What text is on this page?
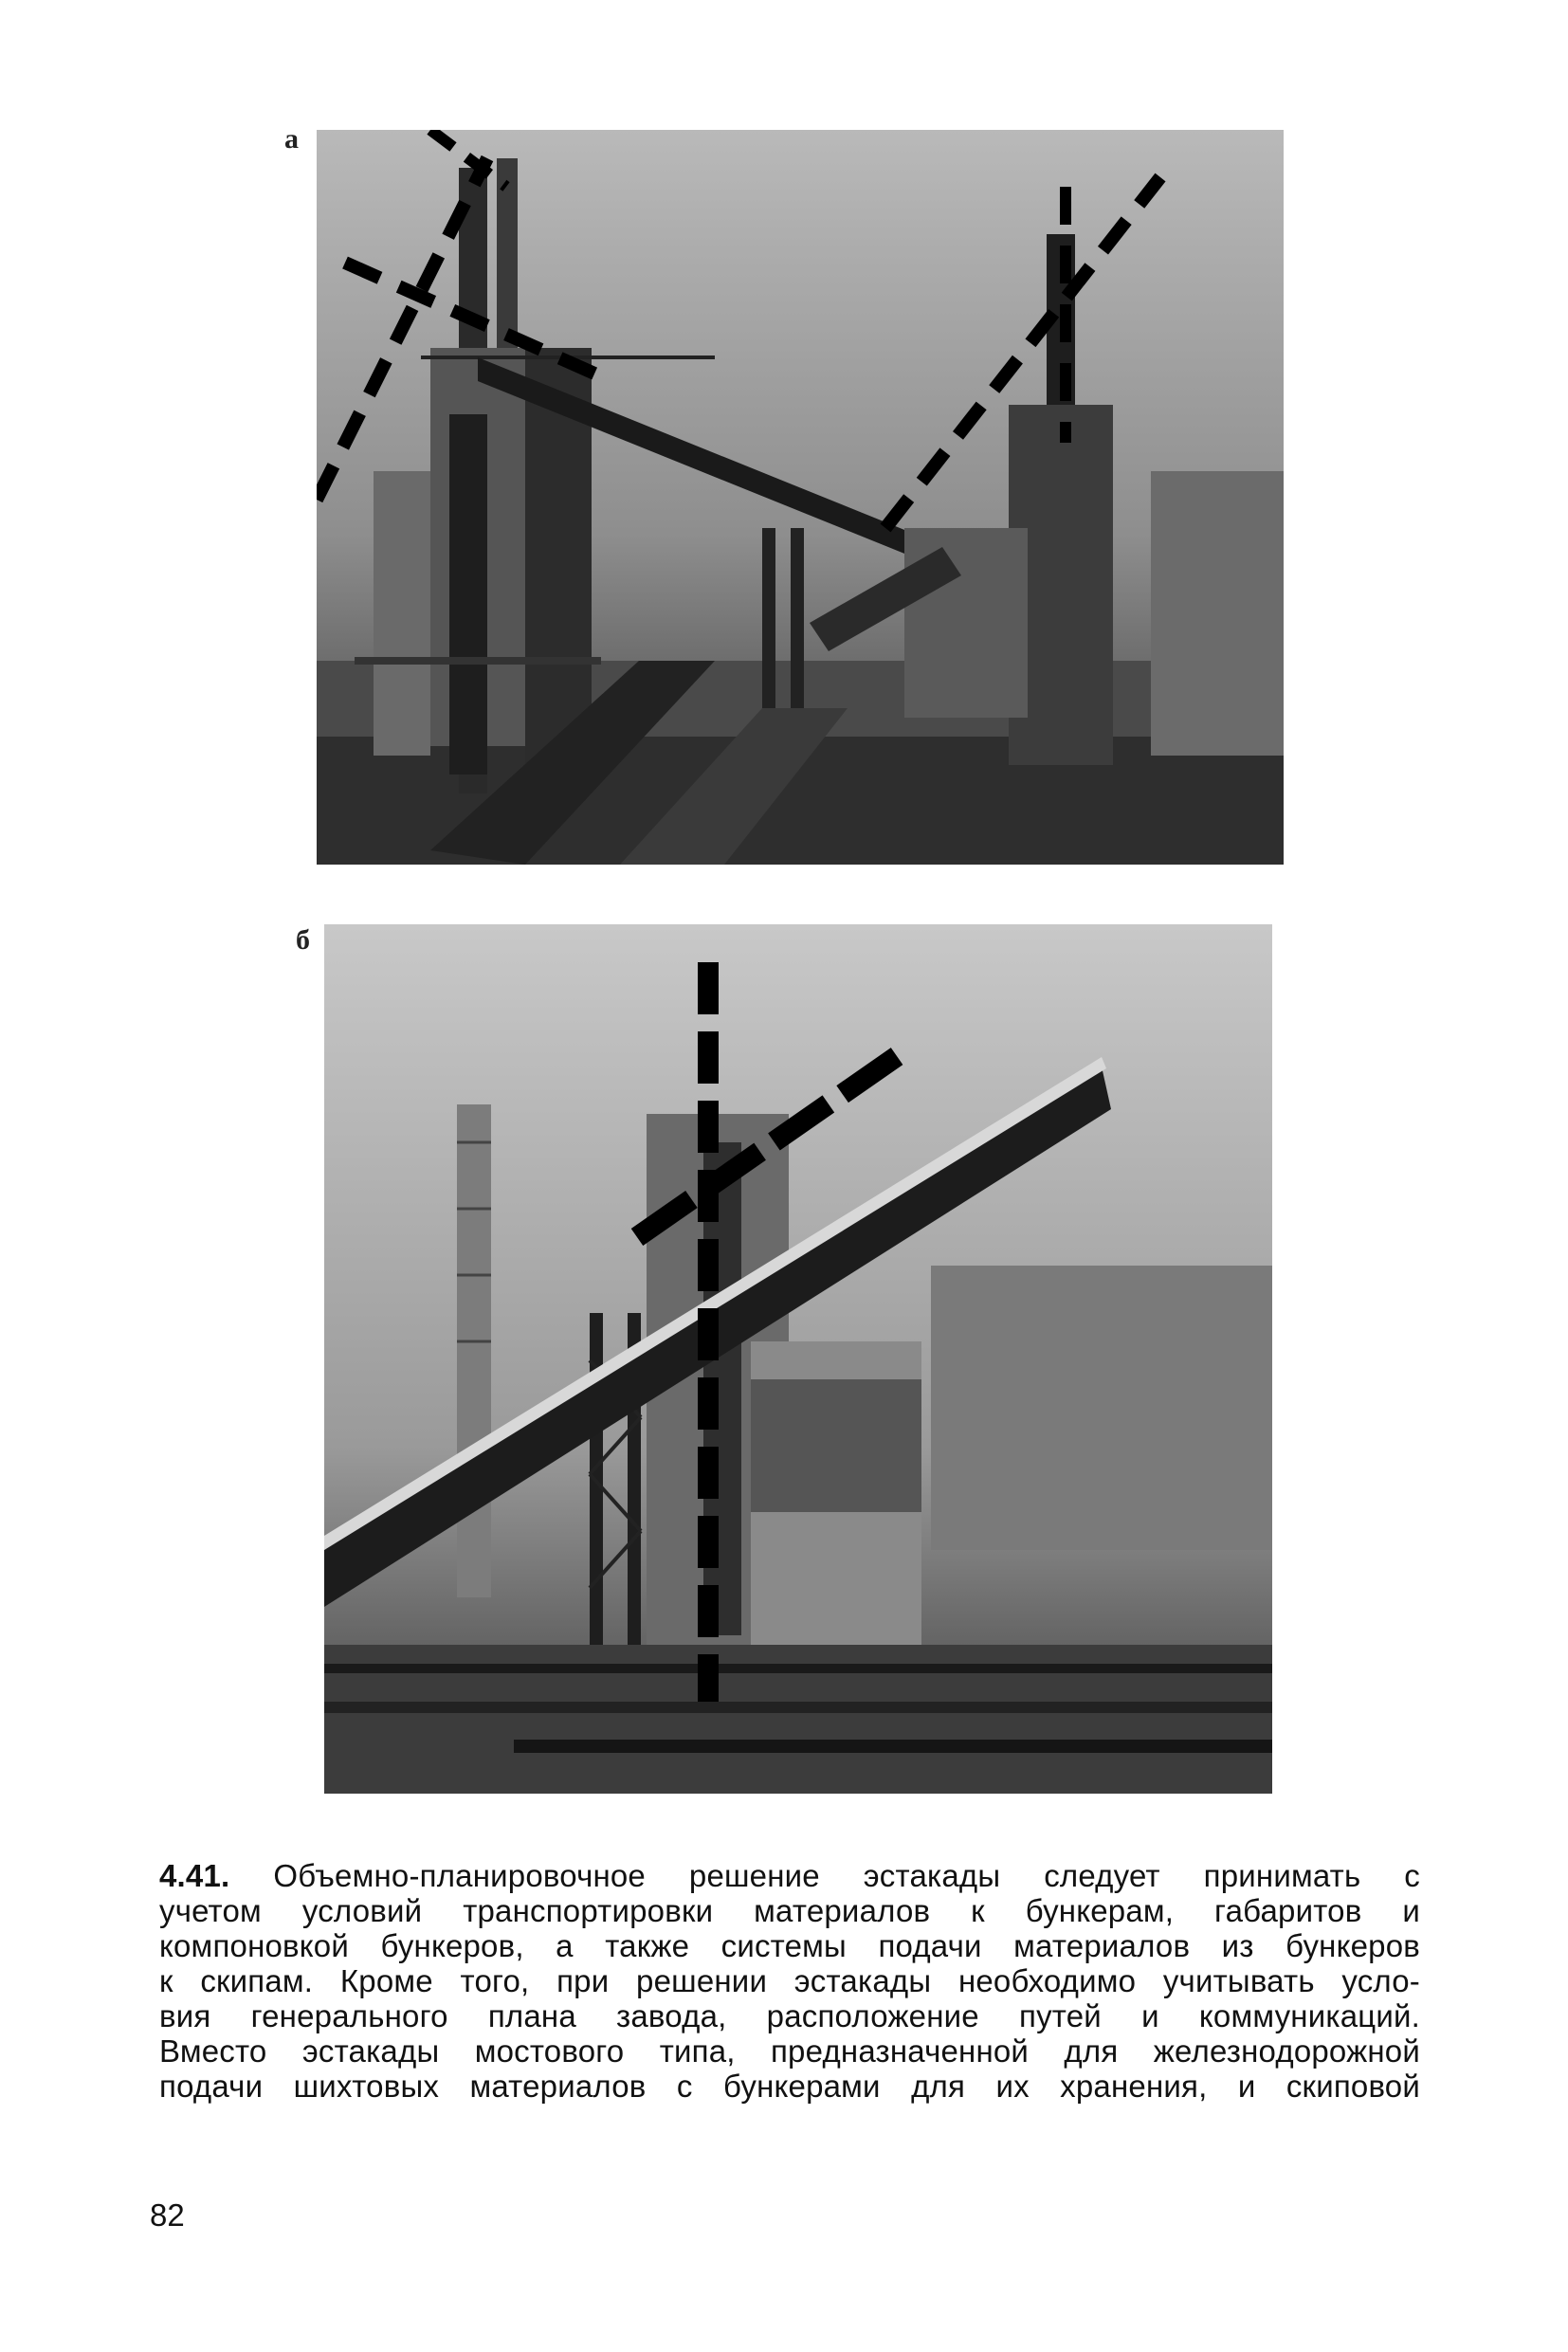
а
б
4.41. Объемно-планировочное решение эстакады следует принимать с
учетом условий транспортировки материалов к бункерам, габаритов и
компоновкой бункеров, а также системы подачи материалов из бункеров
к скипам. Кроме того, при решении эстакады необходимо учитывать усло-
вия генерального плана завода, расположение путей и коммуникаций.
Вместо эстакады мостового типа, предназначенной для железнодорожной
подачи шихтовых материалов с бункерами для их хранения, и скиповой
82
